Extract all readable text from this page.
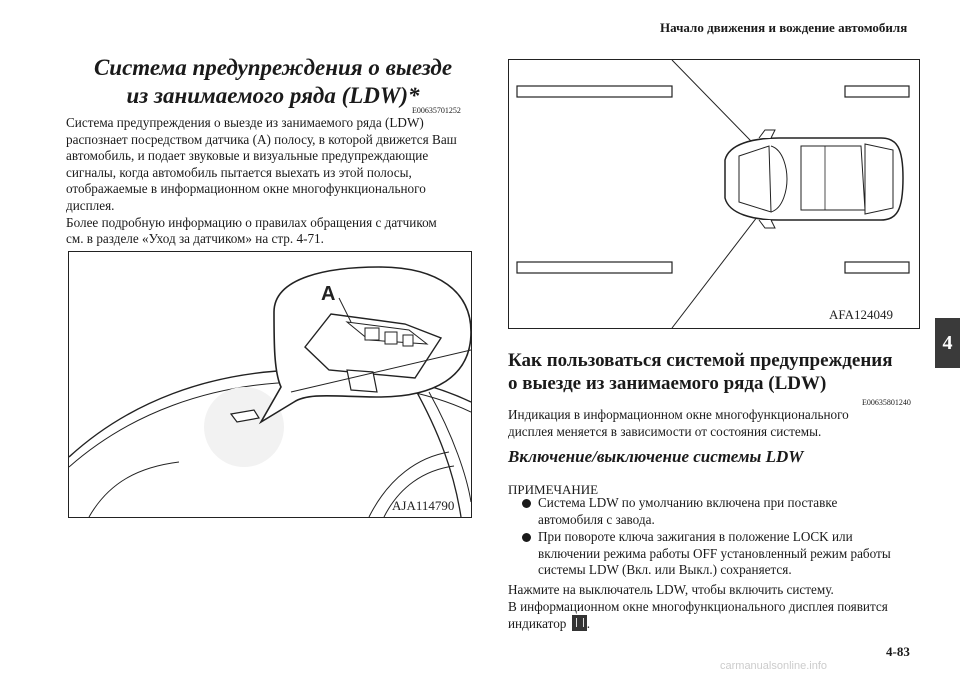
Начало движения и вождение автомобиля
4
Система предупреждения о выезде
из занимаемого ряда (LDW)*
E00635701252
Система предупреждения о выезде из занимаемого ряда (LDW)
распознает посредством датчика (A) полосу, в которой движется Ваш
автомобиль, и подает звуковые и визуальные предупреждающие
сигналы, когда автомобиль пытается выехать из этой полосы,
отображаемые в информационном окне многофункционального
дисплея.
Более подробную информацию о правилах обращения с датчиком
см. в разделе «Уход за датчиком» на стр. 4-71.
A
AJA114790
AFA124049
Как пользоваться системой предупреждения
о выезде из занимаемого ряда (LDW)
E00635801240
Индикация в информационном окне многофункционального
дисплея меняется в зависимости от состояния системы.
Включение/выключение системы LDW
ПРИМЕЧАНИЕ
Система LDW по умолчанию включена при поставке
автомобиля с завода.
При повороте ключа зажигания в положение LOCK или
включении режима работы OFF установленный режим работы
системы LDW (Вкл. или Выкл.) сохраняется.
Нажмите на выключатель LDW, чтобы включить систему.
В информационном окне многофункционального дисплея появится
индикатор .
4-83
carmanualsonline.info
